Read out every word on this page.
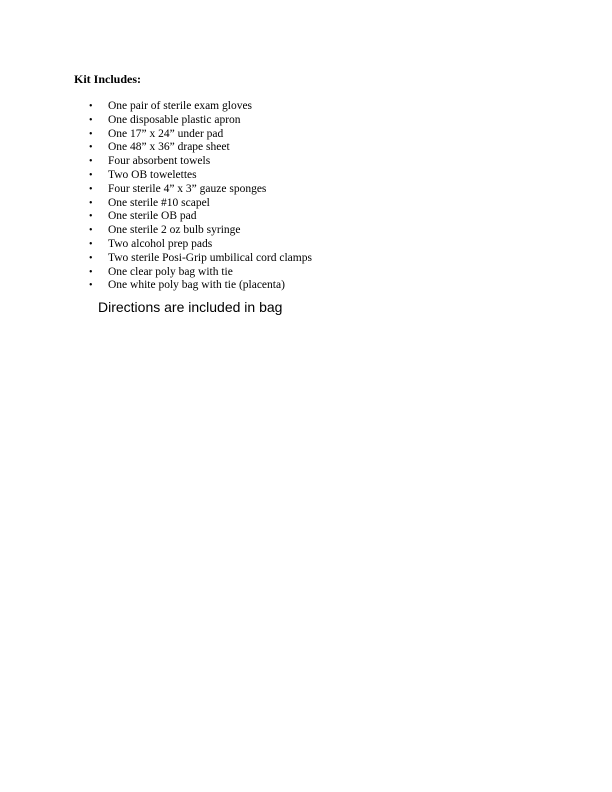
Kit Includes:
• One pair of sterile exam gloves
• One disposable plastic apron
• One 17” x 24” under pad
• One 48” x 36” drape sheet
• Four absorbent towels
• Two OB towelettes
• Four sterile 4” x 3” gauze sponges
• One sterile #10 scapel
• One sterile OB pad
• One sterile 2 oz bulb syringe
• Two alcohol prep pads
• Two sterile Posi-Grip umbilical cord clamps
• One clear poly bag with tie
• One white poly bag with tie (placenta)
Directions are included in bag
